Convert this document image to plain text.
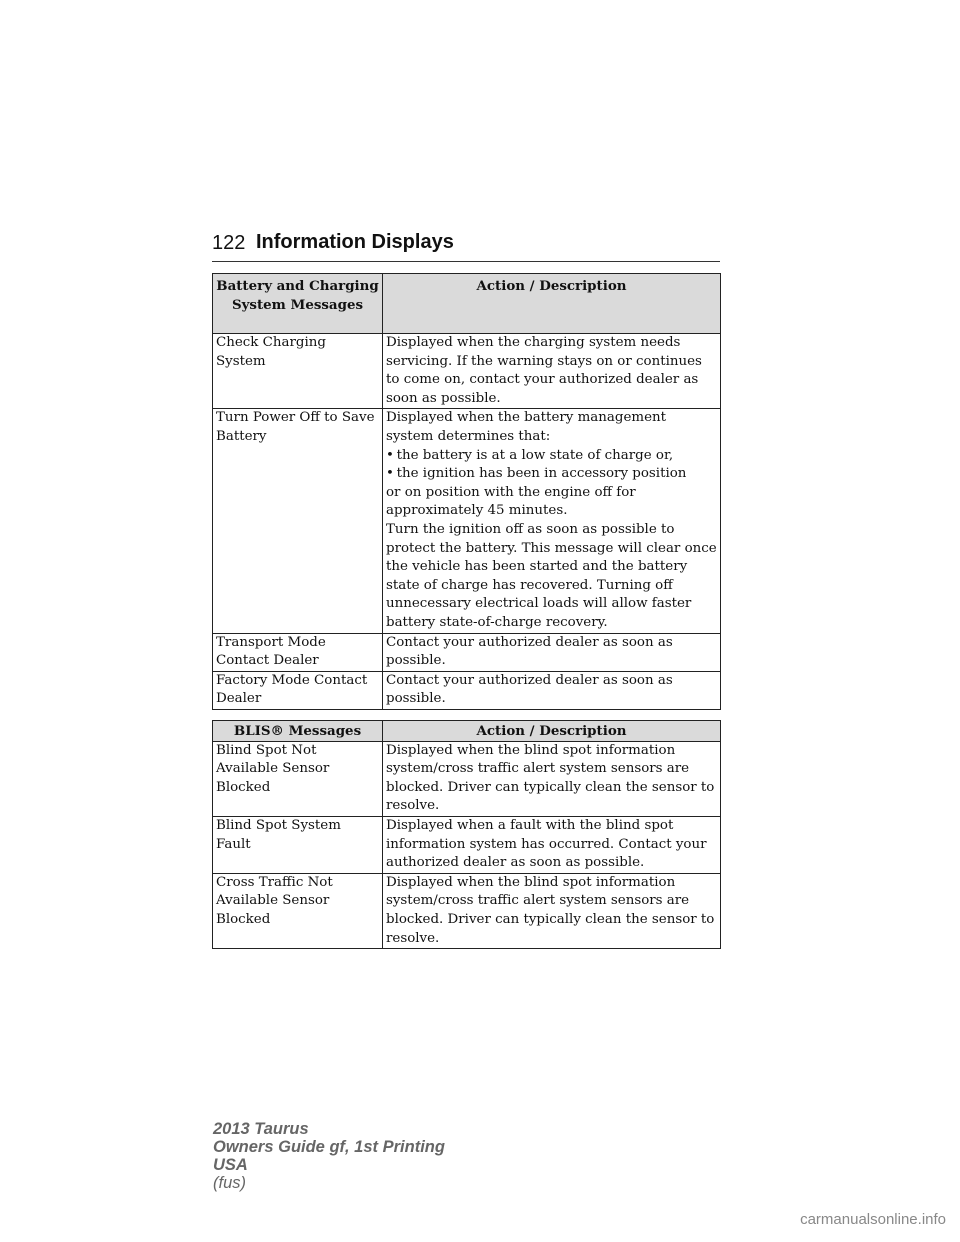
122 Information Displays
Battery and Charging System Messages	Action / Description
Check Charging System	Displayed when the charging system needs servicing. If the warning stays on or continues to come on, contact your authorized dealer as soon as possible.
Turn Power Off to Save Battery	Displayed when the battery management system determines that:
•  the battery is at a low state of charge or,
•  the ignition has been in accessory position
or on position with the engine off for approximately 45 minutes.
Turn the ignition off as soon as possible to protect the battery. This message will clear once the vehicle has been started and the battery state of charge has recovered. Turning off unnecessary electrical loads will allow faster battery state-of-charge recovery.

Transport Mode Contact Dealer	Contact your authorized dealer as soon as possible.
Factory Mode Contact Dealer	Contact your authorized dealer as soon as possible.
BLIS® Messages	Action / Description
Blind Spot Not Available Sensor Blocked	Displayed when the blind spot information system/cross traffic alert system sensors are blocked. Driver can typically clean the sensor to resolve.
Blind Spot System Fault	Displayed when a fault with the blind spot information system has occurred. Contact your authorized dealer as soon as possible.
Cross Traffic Not Available Sensor Blocked	Displayed when the blind spot information system/cross traffic alert system sensors are blocked. Driver can typically clean the sensor to resolve.
2013 Taurus
Owners Guide gf, 1st Printing
USA
(fus)
carmanualsonline.info
